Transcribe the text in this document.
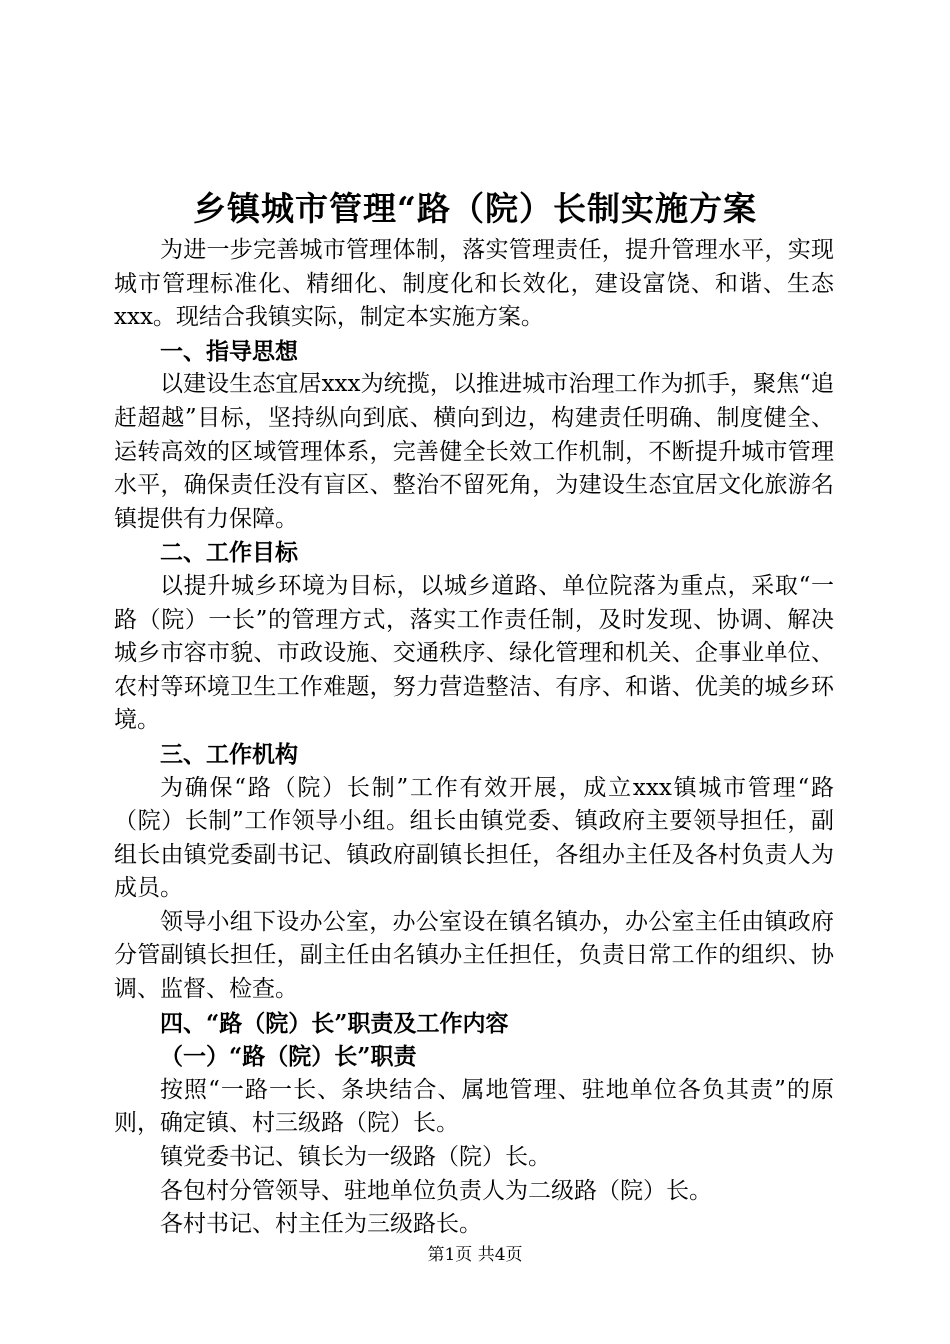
乡镇城市管理“路（院）长制实施方案

为进一步完善城市管理体制，落实管理责任，提升管理水平，实现城市管理标准化、精细化、制度化和长效化，建设富饶、和谐、生态xxx。现结合我镇实际，制定本实施方案。

一、指导思想

以建设生态宜居xxx为统揽，以推进城市治理工作为抓手，聚焦“追赶超越”目标，坚持纵向到底、横向到边，构建责任明确、制度健全、运转高效的区域管理体系，完善健全长效工作机制，不断提升城市管理水平，确保责任没有盲区、整治不留死角，为建设生态宜居文化旅游名镇提供有力保障。

二、工作目标

以提升城乡环境为目标，以城乡道路、单位院落为重点，采取“一路（院）一长”的管理方式，落实工作责任制，及时发现、协调、解决城乡市容市貌、市政设施、交通秩序、绿化管理和机关、企事业单位、农村等环境卫生工作难题，努力营造整洁、有序、和谐、优美的城乡环境。

三、工作机构

为确保“路（院）长制”工作有效开展，成立xxx镇城市管理“路（院）长制”工作领导小组。组长由镇党委、镇政府主要领导担任，副组长由镇党委副书记、镇政府副镇长担任，各组办主任及各村负责人为成员。

领导小组下设办公室，办公室设在镇名镇办，办公室主任由镇政府分管副镇长担任，副主任由名镇办主任担任，负责日常工作的组织、协调、监督、检查。

四、“路（院）长”职责及工作内容
（一）“路（院）长”职责

按照“一路一长、条块结合、属地管理、驻地单位各负其责”的原则，确定镇、村三级路（院）长。

镇党委书记、镇长为一级路（院）长。

各包村分管领导、驻地单位负责人为二级路（院）长。

各村书记、村主任为三级路长。

第1页 共4页
